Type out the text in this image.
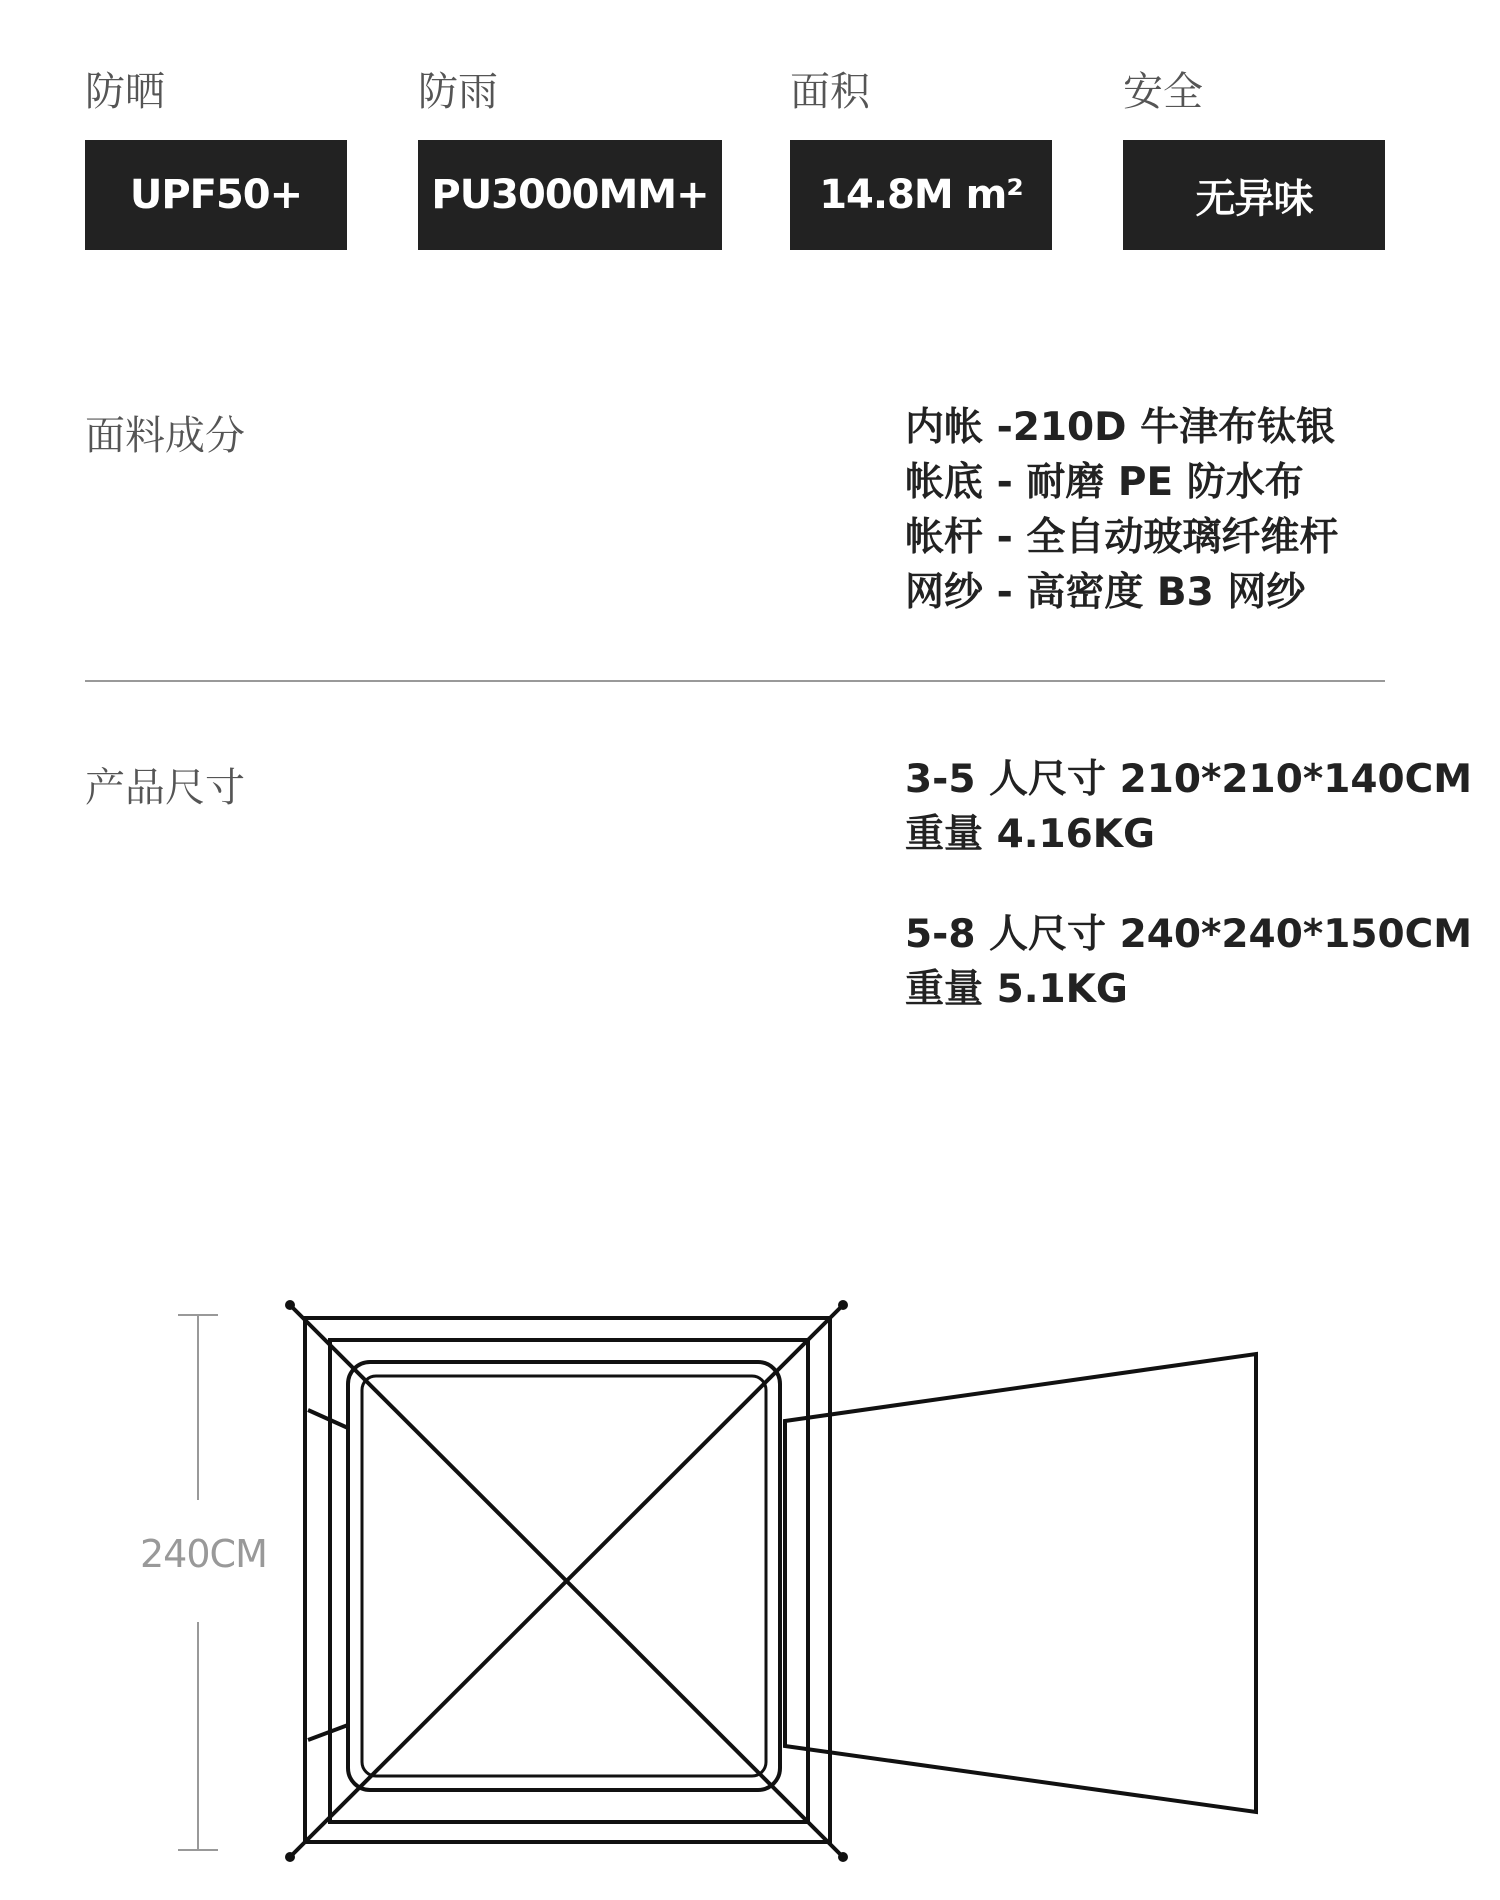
防晒
UPF50+
防雨
PU3000MM+
面积
14.8M m²
安全
无异味
面料成分	内帐 -210D 牛津布钛银
帐底 - 耐磨 PE 防水布
帐杆 - 全自动玻璃纤维杆
网纱 - 高密度 B3 网纱
产品尺寸	3-5 人尺寸 210*210*140CM
重量 4.16KG
5-8 人尺寸 240*240*150CM
重量 5.1KG
240CM
